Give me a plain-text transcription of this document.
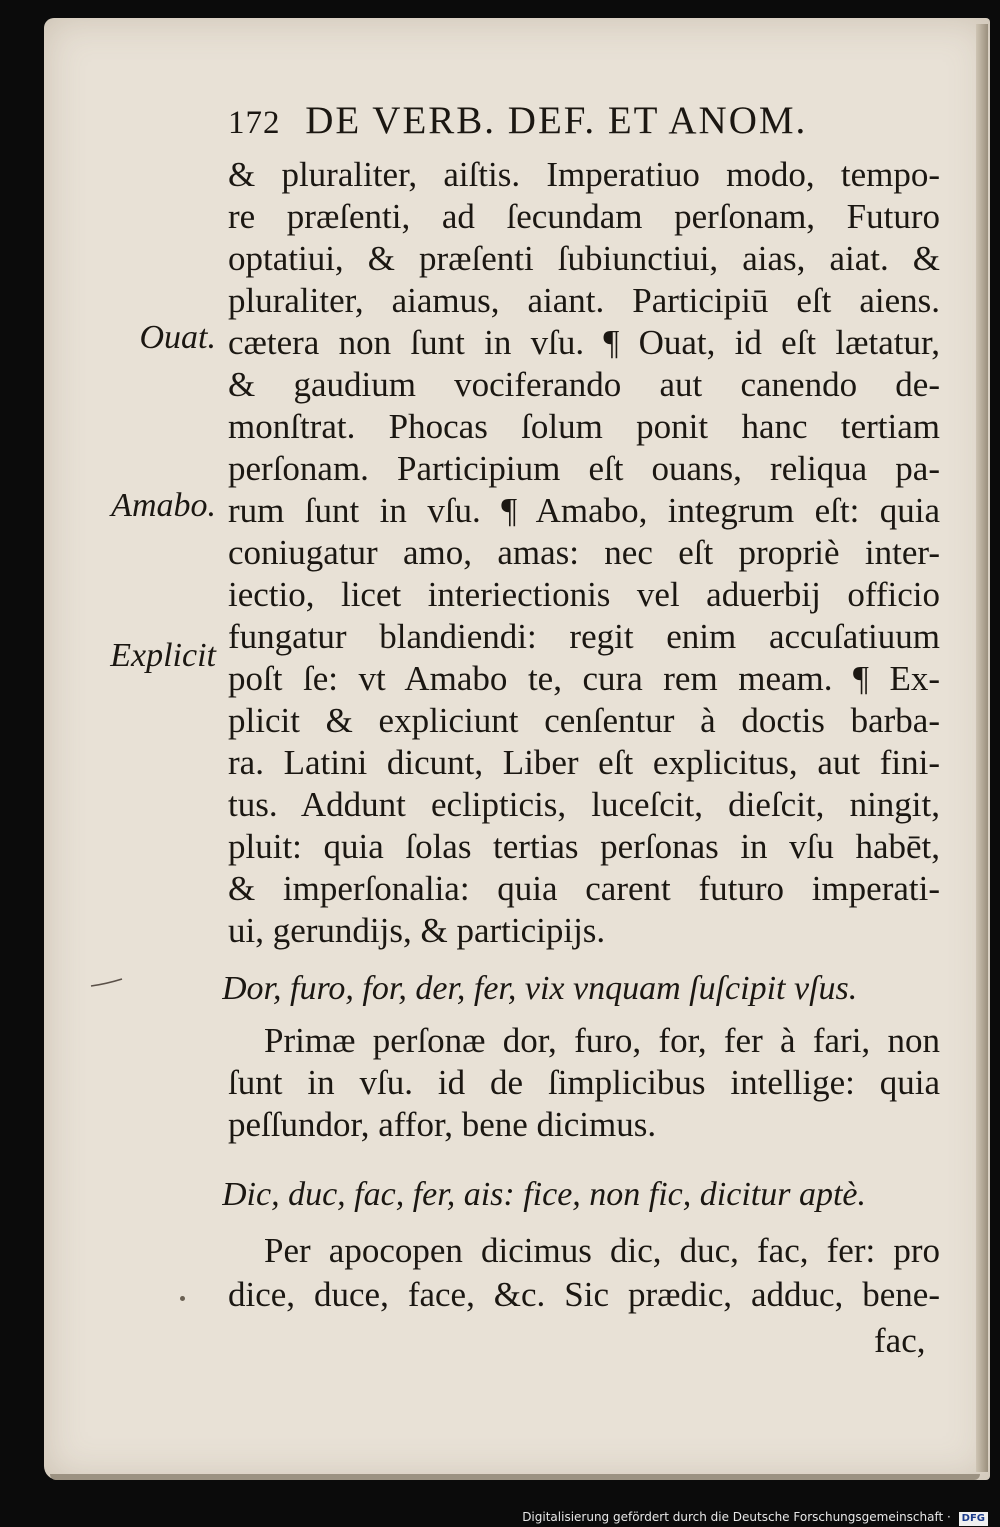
172 DE VERB. DEF. ET ANOM.
Ouat.
Amabo.
Explicit
& pluraliter, aiſtis. Imperatiuo modo, tempo-
re præſenti, ad ſecundam perſonam, Futuro
optatiui, & præſenti ſubiunctiui, aias, aiat. &
pluraliter, aiamus, aiant. Participiū eſt aiens.
cætera non ſunt in vſu. ¶ Ouat, id eſt lætatur,
& gaudium vociferando aut canendo de-
monſtrat. Phocas ſolum ponit hanc tertiam
perſonam. Participium eſt ouans, reliqua pa-
rum ſunt in vſu. ¶ Amabo, integrum eſt: quia
coniugatur amo, amas: nec eſt propriè inter-
iectio, licet interiectionis vel aduerbij officio
fungatur blandiendi: regit enim accuſatiuum
poſt ſe: vt Amabo te, cura rem meam. ¶ Ex-
plicit & expliciunt cenſentur à doctis barba-
ra. Latini dicunt, Liber eſt explicitus, aut fini-
tus. Addunt eclipticis, luceſcit, dieſcit, ningit,
pluit: quia ſolas tertias perſonas in vſu habēt,
& imperſonalia: quia carent futuro imperati-
ui, gerundijs, & participijs.
Dor, furo, for, der, fer, vix vnquam ſuſcipit vſus.
Primæ perſonæ dor, furo, for, fer à fari, non
ſunt in vſu. id de ſimplicibus intellige: quia
peſſundor, affor, bene dicimus.
Dic, duc, fac, fer, ais: fice, non fic, dicitur aptè.
Per apocopen dicimus dic, duc, fac, fer: pro
dice, duce, face, &c. Sic prædic, adduc, bene-
fac,
Digitalisierung gefördert durch die Deutsche Forschungsgemeinschaft · DFG
